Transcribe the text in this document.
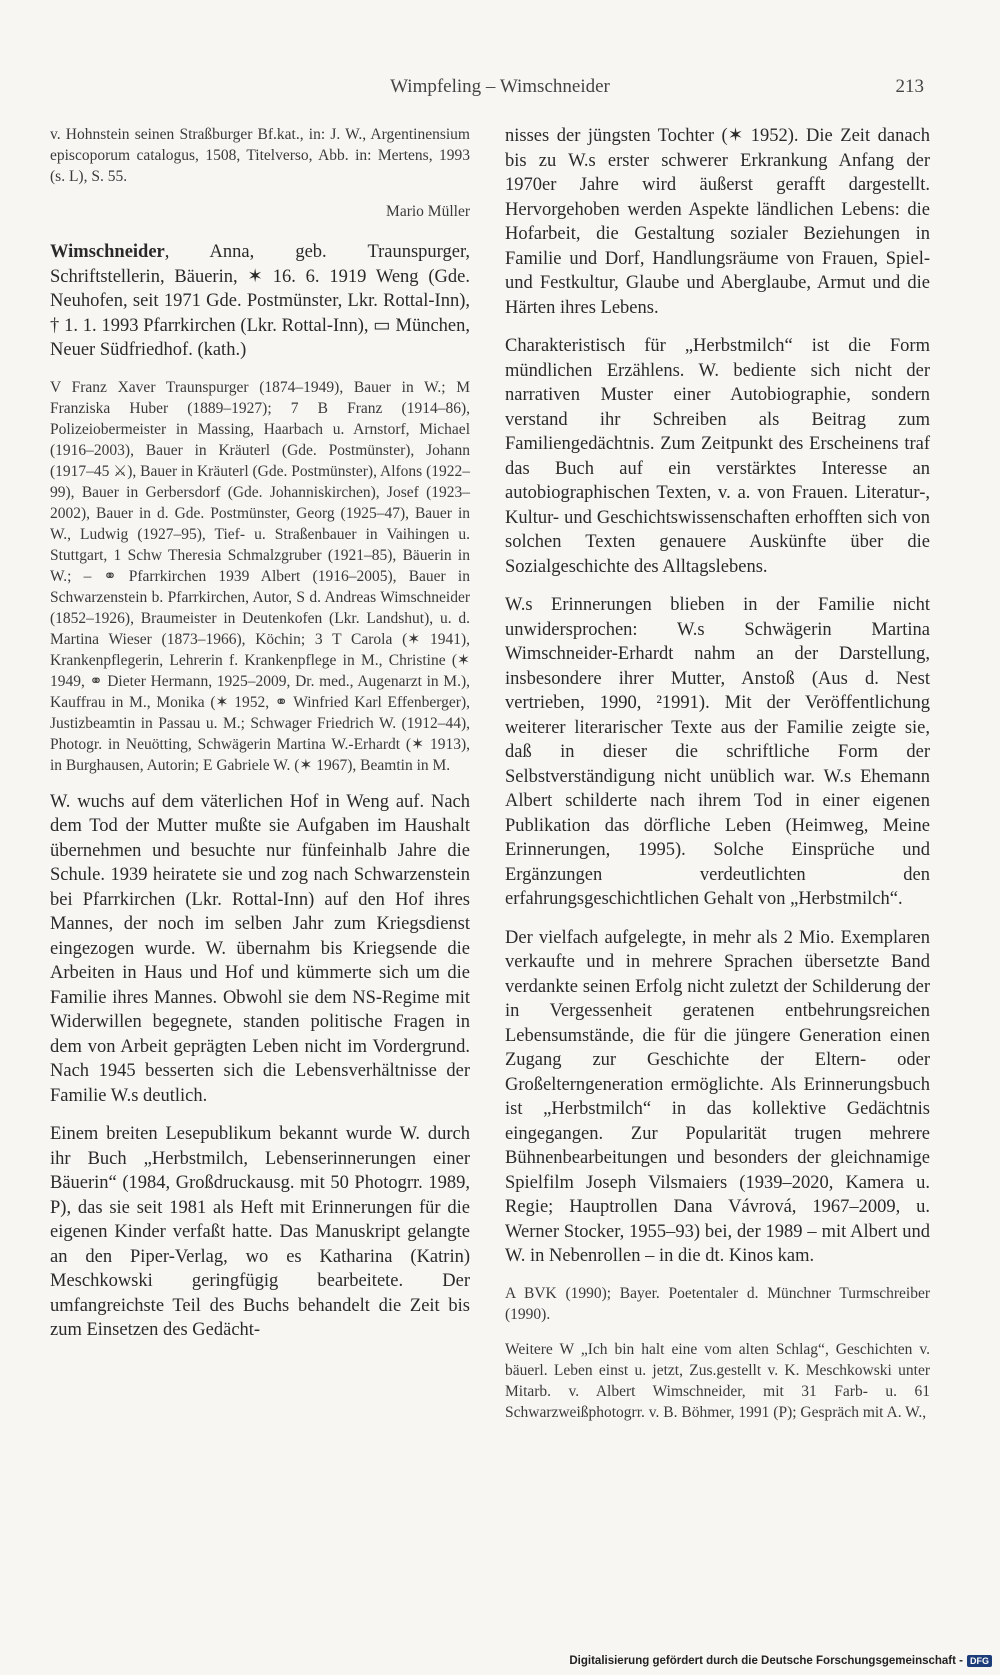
Wimpfeling – Wimschneider	213

v. Hohnstein seinen Straßburger Bf.kat., in: J. W., Argentinensium episcoporum catalogus, 1508, Titelverso, Abb. in: Mertens, 1993 (s. L), S. 55.

Mario Müller

Wimschneider, Anna, geb. Traunspurger, Schriftstellerin, Bäuerin, ✶ 16. 6. 1919 Weng (Gde. Neuhofen, seit 1971 Gde. Postmünster, Lkr. Rottal-Inn), † 1. 1. 1993 Pfarrkirchen (Lkr. Rottal-Inn), ▭ München, Neuer Südfriedhof. (kath.)

V Franz Xaver Traunspurger (1874–1949), Bauer in W.; M Franziska Huber (1889–1927); 7 B Franz (1914–86), Polizeiobermeister in Massing, Haarbach u. Arnstorf, Michael (1916–2003), Bauer in Kräuterl (Gde. Postmünster), Johann (1917–45 ⚔), Bauer in Kräuterl (Gde. Postmünster), Alfons (1922–99), Bauer in Gerbersdorf (Gde. Johanniskirchen), Josef (1923–2002), Bauer in d. Gde. Postmünster, Georg (1925–47), Bauer in W., Ludwig (1927–95), Tief- u. Straßenbauer in Vaihingen u. Stuttgart, 1 Schw Theresia Schmalzgruber (1921–85), Bäuerin in W.; – ⚭ Pfarrkirchen 1939 Albert (1916–2005), Bauer in Schwarzenstein b. Pfarrkirchen, Autor, S d. Andreas Wimschneider (1852–1926), Braumeister in Deutenkofen (Lkr. Landshut), u. d. Martina Wieser (1873–1966), Köchin; 3 T Carola (✶ 1941), Krankenpflegerin, Lehrerin f. Krankenpflege in M., Christine (✶ 1949, ⚭ Dieter Hermann, 1925–2009, Dr. med., Augenarzt in M.), Kauffrau in M., Monika (✶ 1952, ⚭ Winfried Karl Effenberger), Justizbeamtin in Passau u. M.; Schwager Friedrich W. (1912–44), Photogr. in Neuötting, Schwägerin Martina W.-Erhardt (✶ 1913), in Burghausen, Autorin; E Gabriele W. (✶ 1967), Beamtin in M.

W. wuchs auf dem väterlichen Hof in Weng auf. Nach dem Tod der Mutter mußte sie Aufgaben im Haushalt übernehmen und besuchte nur fünfeinhalb Jahre die Schule. 1939 heiratete sie und zog nach Schwarzenstein bei Pfarrkirchen (Lkr. Rottal-Inn) auf den Hof ihres Mannes, der noch im selben Jahr zum Kriegsdienst eingezogen wurde. W. übernahm bis Kriegsende die Arbeiten in Haus und Hof und kümmerte sich um die Familie ihres Mannes. Obwohl sie dem NS-Regime mit Widerwillen begegnete, standen politische Fragen in dem von Arbeit geprägten Leben nicht im Vordergrund. Nach 1945 besserten sich die Lebensverhältnisse der Familie W.s deutlich.

Einem breiten Lesepublikum bekannt wurde W. durch ihr Buch „Herbstmilch, Lebenserinnerungen einer Bäuerin“ (1984, Großdruckausg. mit 50 Photogrr. 1989, P), das sie seit 1981 als Heft mit Erinnerungen für die eigenen Kinder verfaßt hatte. Das Manuskript gelangte an den Piper-Verlag, wo es Katharina (Katrin) Meschkowski geringfügig bearbeitete. Der umfangreichste Teil des Buchs behandelt die Zeit bis zum Einsetzen des Gedächt-

nisses der jüngsten Tochter (✶ 1952). Die Zeit danach bis zu W.s erster schwerer Erkrankung Anfang der 1970er Jahre wird äußerst gerafft dargestellt. Hervorgehoben werden Aspekte ländlichen Lebens: die Hofarbeit, die Gestaltung sozialer Beziehungen in Familie und Dorf, Handlungsräume von Frauen, Spiel- und Festkultur, Glaube und Aberglaube, Armut und die Härten ihres Lebens.

Charakteristisch für „Herbstmilch“ ist die Form mündlichen Erzählens. W. bediente sich nicht der narrativen Muster einer Autobiographie, sondern verstand ihr Schreiben als Beitrag zum Familiengedächtnis. Zum Zeitpunkt des Erscheinens traf das Buch auf ein verstärktes Interesse an autobiographischen Texten, v. a. von Frauen. Literatur-, Kultur- und Geschichtswissenschaften erhofften sich von solchen Texten genauere Auskünfte über die Sozialgeschichte des Alltagslebens.

W.s Erinnerungen blieben in der Familie nicht unwidersprochen: W.s Schwägerin Martina Wimschneider-Erhardt nahm an der Darstellung, insbesondere ihrer Mutter, Anstoß (Aus d. Nest vertrieben, 1990, ²1991). Mit der Veröffentlichung weiterer literarischer Texte aus der Familie zeigte sie, daß in dieser die schriftliche Form der Selbstverständigung nicht unüblich war. W.s Ehemann Albert schilderte nach ihrem Tod in einer eigenen Publikation das dörfliche Leben (Heimweg, Meine Erinnerungen, 1995). Solche Einsprüche und Ergänzungen verdeutlichten den erfahrungsgeschichtlichen Gehalt von „Herbstmilch“.

Der vielfach aufgelegte, in mehr als 2 Mio. Exemplaren verkaufte und in mehrere Sprachen übersetzte Band verdankte seinen Erfolg nicht zuletzt der Schilderung der in Vergessenheit geratenen entbehrungsreichen Lebensumstände, die für die jüngere Generation einen Zugang zur Geschichte der Eltern- oder Großelterngeneration ermöglichte. Als Erinnerungsbuch ist „Herbstmilch“ in das kollektive Gedächtnis eingegangen. Zur Popularität trugen mehrere Bühnenbearbeitungen und besonders der gleichnamige Spielfilm Joseph Vilsmaiers (1939–2020, Kamera u. Regie; Hauptrollen Dana Vávrová, 1967–2009, u. Werner Stocker, 1955–93) bei, der 1989 – mit Albert und W. in Nebenrollen – in die dt. Kinos kam.

A BVK (1990); Bayer. Poetentaler d. Münchner Turmschreiber (1990).

Weitere W „Ich bin halt eine vom alten Schlag“, Geschichten v. bäuerl. Leben einst u. jetzt, Zus.gestellt v. K. Meschkowski unter Mitarb. v. Albert Wimschneider, mit 31 Farb- u. 61 Schwarzweißphotogrr. v. B. Böhmer, 1991 (P); Gespräch mit A. W.,

Digitalisierung gefördert durch die Deutsche Forschungsgemeinschaft - DFG
